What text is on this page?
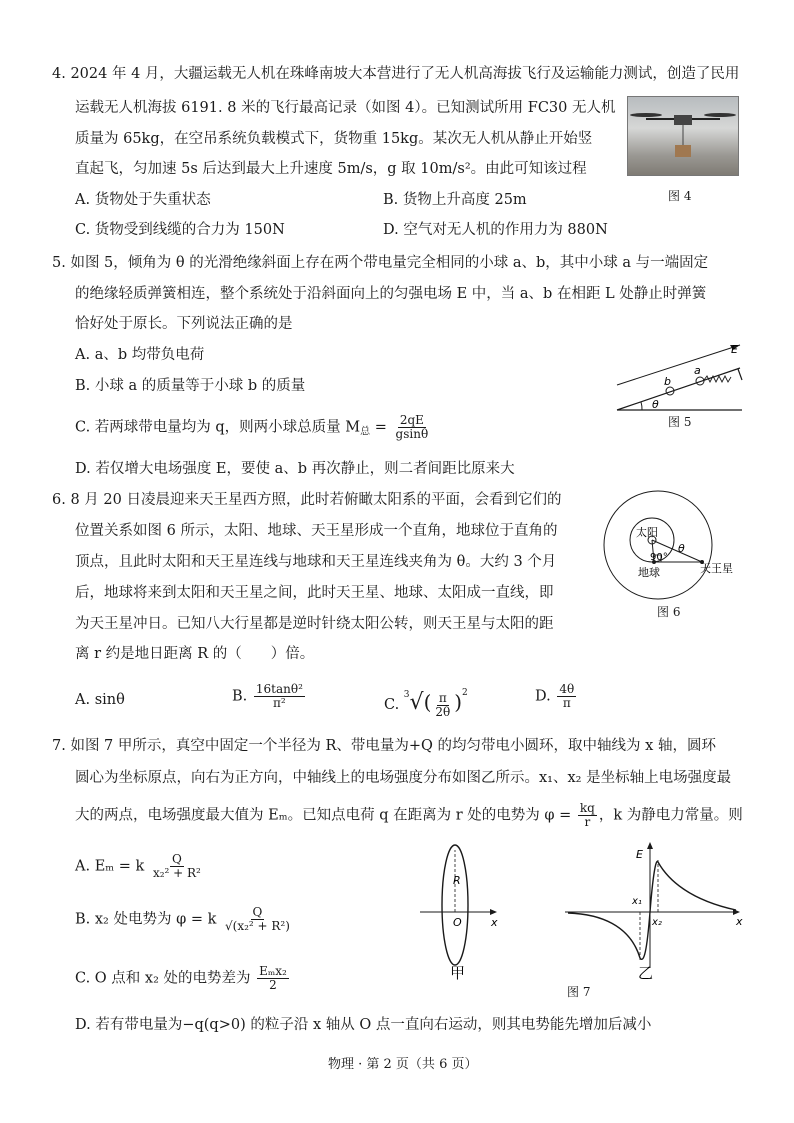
4. 2024 年 4 月，大疆运载无人机在珠峰南坡大本营进行了无人机高海拔飞行及运输能力测试，创造了民用
运载无人机海拔 6191. 8 米的飞行最高记录（如图 4）。已知测试所用 FC30 无人机
质量为 65kg，在空吊系统负载模式下，货物重 15kg。某次无人机从静止开始竖
直起飞，匀加速 5s 后达到最大上升速度 5m/s，g 取 10m/s²。由此可知该过程
A. 货物处于失重状态	B. 货物上升高度 25m
C. 货物受到线缆的合力为 150N	D. 空气对无人机的作用力为 880N
图 4
5. 如图 5，倾角为 θ 的光滑绝缘斜面上存在两个带电量完全相同的小球 a、b，其中小球 a 与一端固定
的绝缘轻质弹簧相连，整个系统处于沿斜面向上的匀强电场 E 中，当 a、b 在相距 L 处静止时弹簧
恰好处于原长。下列说法正确的是
A. a、b 均带负电荷
B. 小球 a 的质量等于小球 b 的质量
C. 若两球带电量均为 q，则两小球总质量 $M_总 = \frac{2qE}{gsin\theta}$
D. 若仅增大电场强度 E，要使 a、b 再次静止，则二者间距比原来大
E
a
b
θ
图 5
6. 8 月 20 日凌晨迎来天王星西方照，此时若俯瞰太阳系的平面，会看到它们的
位置关系如图 6 所示，太阳、地球、天王星形成一个直角，地球位于直角的
顶点，且此时太阳和天王星连线与地球和天王星连线夹角为 θ。大约 3 个月
后，地球将来到太阳和天王星之间，此时天王星、地球、太阳成一直线，即
为天王星冲日。已知八大行星都是逆时针绕太阳公转，则天王星与太阳的距
离 r 约是地日距离 R 的（　　）倍。
A. sinθ	B. $\frac{\text{16tanθ²}}{\text{π²}}$	C. $^3√( \frac{\pi}{2\theta} )^2$	D. $\frac{4\theta}{\pi}$
太阳
90°
θ
地球	天王星
图 6
7. 如图 7 甲所示，真空中固定一个半径为 R、带电量为+Q 的均匀带电小圆环，取中轴线为 x 轴，圆环
圆心为坐标原点，向右为正方向，中轴线上的电场强度分布如图乙所示。x₁、x₂ 是坐标轴上电场强度最
大的两点，电场强度最大值为 Eₘ。已知点电荷 q 在距离为 r 处的电势为 $\varphi = \frac{kq}{r}$ ，k 为静电力常量。则
A. Eₘ = k $\frac{Q}{\text{x₂² + R²}}$
B. x₂ 处电势为 φ = k $\frac{Q}{\text{√(x₂² + R²)}}$
C. O 点和 x₂ 处的电势差为 $\frac{\text{Eₘx₂}}{2}$
D. 若有带电量为−q(q>0) 的粒子沿 x 轴从 O 点一直向右运动，则其电势能先增加后减小
R
O	x
甲
E
x₁
x₂	x
乙
图 7
物理 · 第 2 页（共 6 页）
